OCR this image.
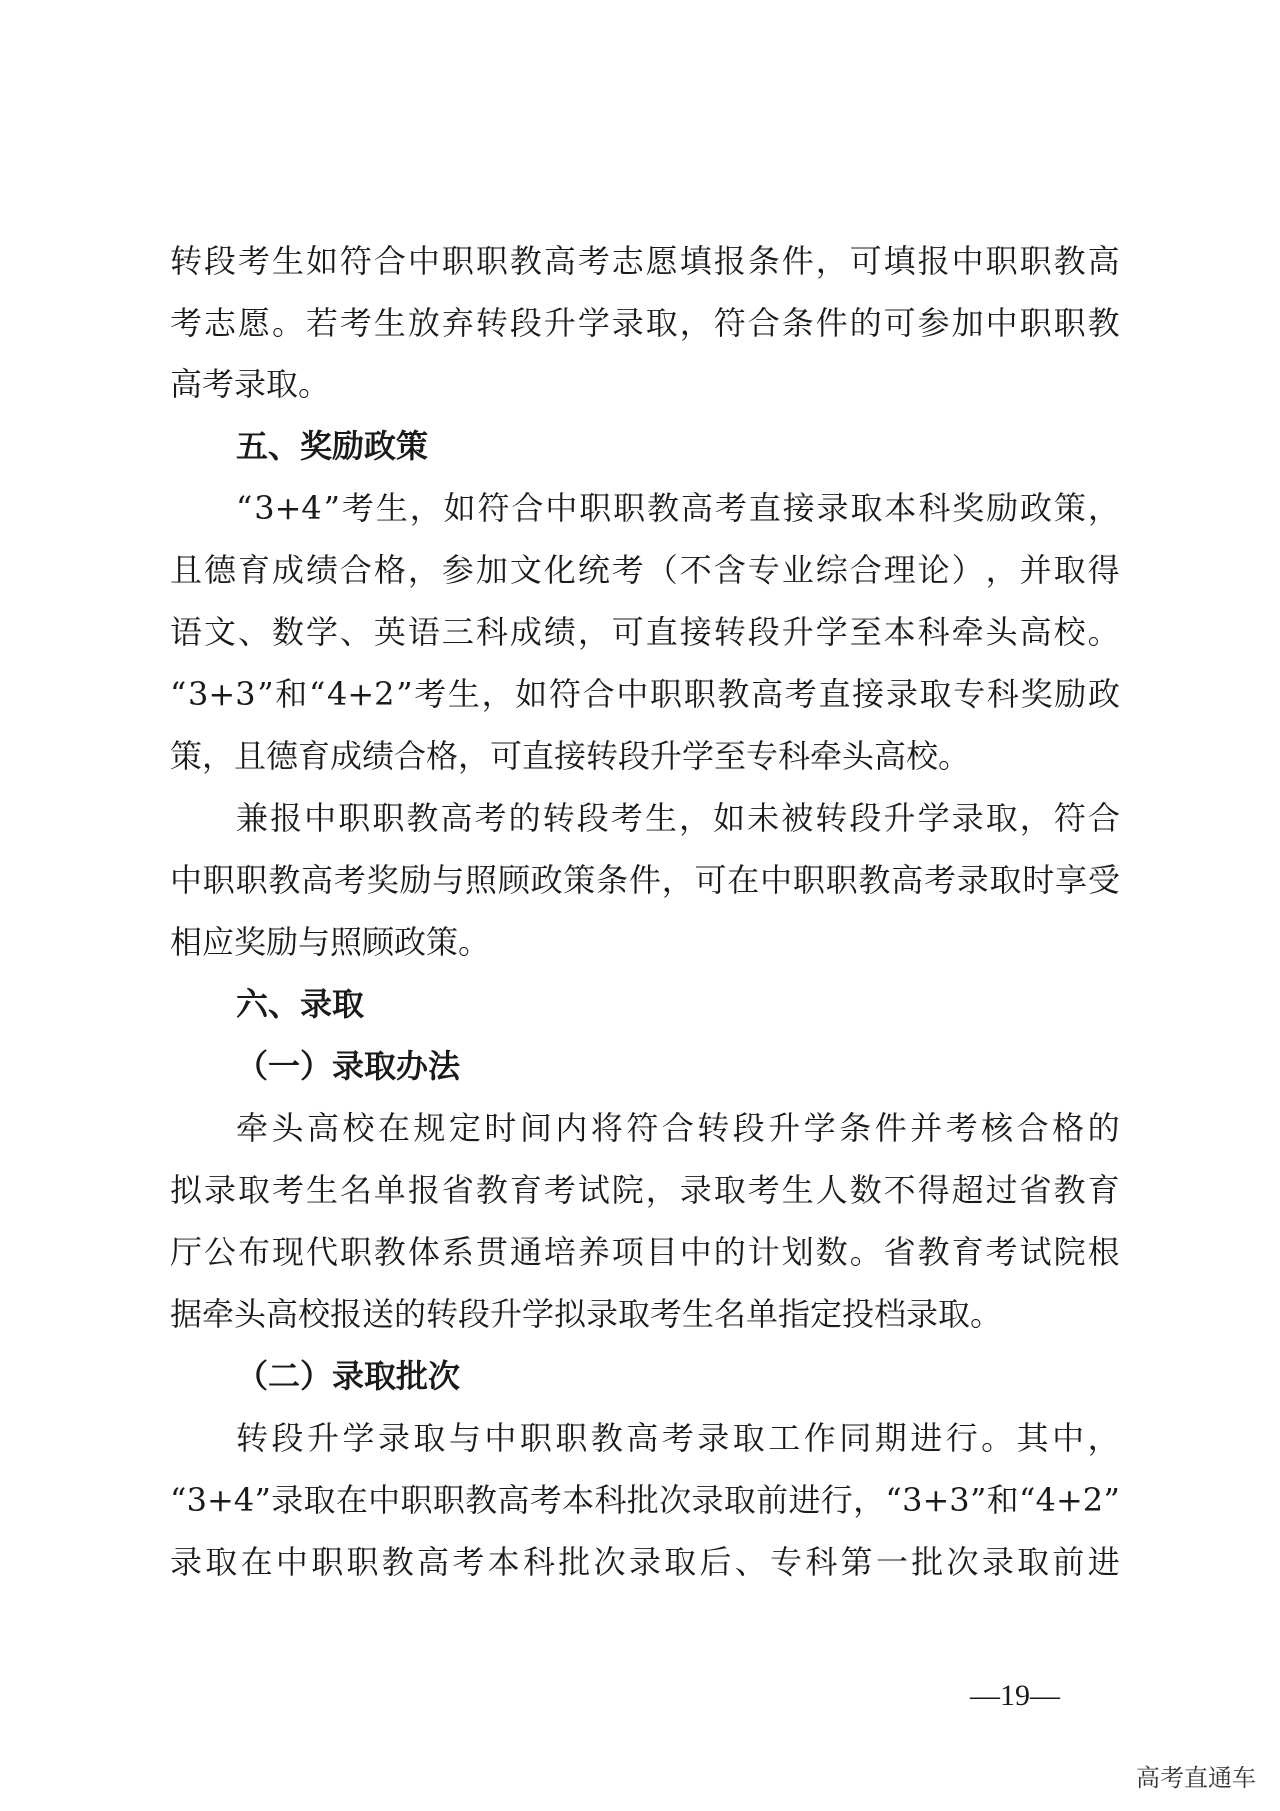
转 段 考 生 如 符 合 中 职 职 教 高 考 志 愿 填 报 条 件 ， 可 填 报 中 职 职 教 高
考 志 愿 。 若 考 生 放 弃 转 段 升 学 录 取 ， 符 合 条 件 的 可 参 加 中 职 职 教
高考录取。
五、奖励政策
“ 3+4 ” 考 生 ， 如 符 合 中 职 职 教 高 考 直 接 录 取 本 科 奖 励 政 策 ，
且 德 育 成 绩 合 格 ， 参 加 文 化 统 考 （ 不 含 专 业 综 合 理 论 ） ， 并 取 得
语 文 、 数 学 、 英 语 三 科 成 绩 ， 可 直 接 转 段 升 学 至 本 科 牵 头 高 校 。
“ 3+3 ” 和 “ 4+2 ” 考 生 ， 如 符 合 中 职 职 教 高 考 直 接 录 取 专 科 奖 励 政
策，且德育成绩合格，可直接转段升学至专科牵头高校。
兼 报 中 职 职 教 高 考 的 转 段 考 生 ， 如 未 被 转 段 升 学 录 取 ， 符 合
中 职 职 教 高 考 奖 励 与 照 顾 政 策 条 件 ， 可 在 中 职 职 教 高 考 录 取 时 享 受
相应奖励与照顾政策。
六、录取
（一）录取办法
牵 头 高 校 在 规 定 时 间 内 将 符 合 转 段 升 学 条 件 并 考 核 合 格 的
拟 录 取 考 生 名 单 报 省 教 育 考 试 院 ， 录 取 考 生 人 数 不 得 超 过 省 教 育
厅 公 布 现 代 职 教 体 系 贯 通 培 养 项 目 中 的 计 划 数 。 省 教 育 考 试 院 根
据牵头高校报送的转段升学拟录取考生名单指定投档录取。
（二）录取批次
转 段 升 学 录 取 与 中 职 职 教 高 考 录 取 工 作 同 期 进 行 。 其 中 ，
“ 3+4 ” 录 取 在 中 职 职 教 高 考 本 科 批 次 录 取 前 进 行 ， “ 3+3 ” 和 “ 4+2 ”
录 取 在 中 职 职 教 高 考 本 科 批 次 录 取 后 、 专 科 第 一 批 次 录 取 前 进
—19—
高考直通车
